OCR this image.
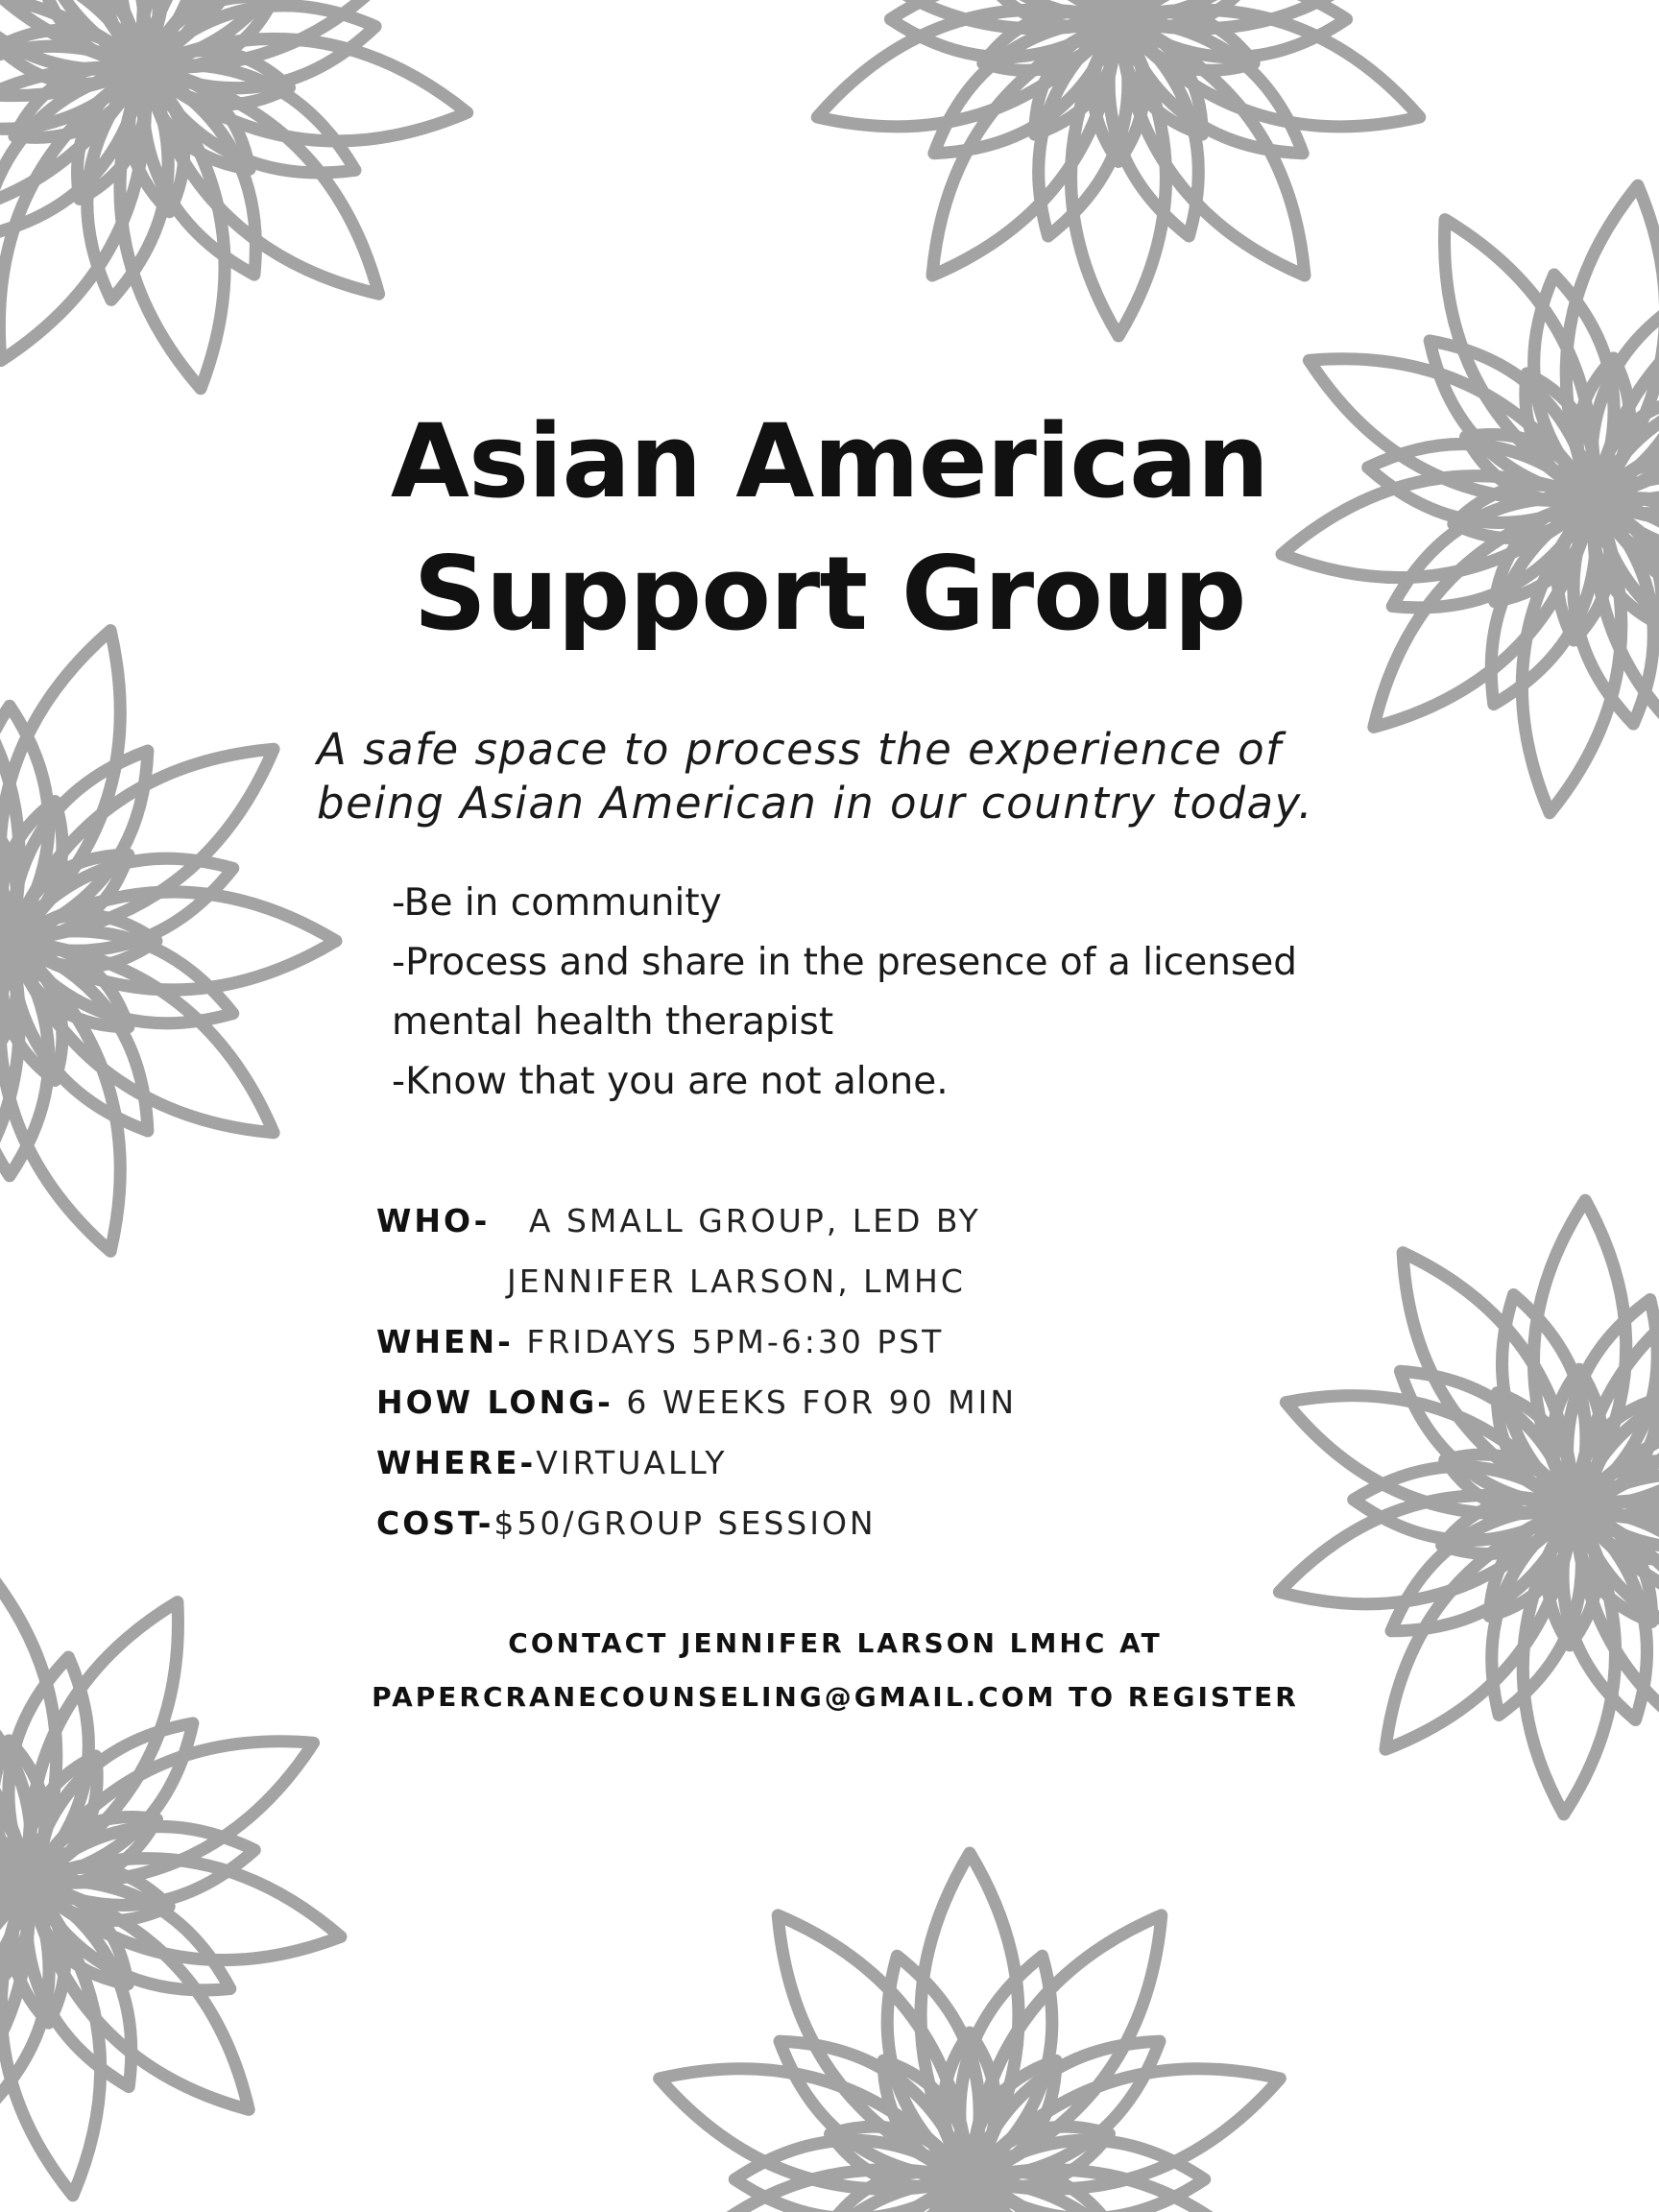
Asian American
Support Group

A safe space to process the experience of

being Asian American in our country today.

-Be in community
-Process and share in the presence of a licensed
mental health therapist
-Know that you are not alone.
WHO- A SMALL GROUP, LED BY
JENNIFER LARSON, LMHC
WHEN- FRIDAYS 5PM-6:30 PST
HOW LONG- 6 WEEKS FOR 90 MIN
WHERE-VIRTUALLY
COST-$50/GROUP SESSION
CONTACT JENNIFER LARSON LMHC AT
PAPERCRANECOUNSELING@GMAIL.COM TO REGISTER
